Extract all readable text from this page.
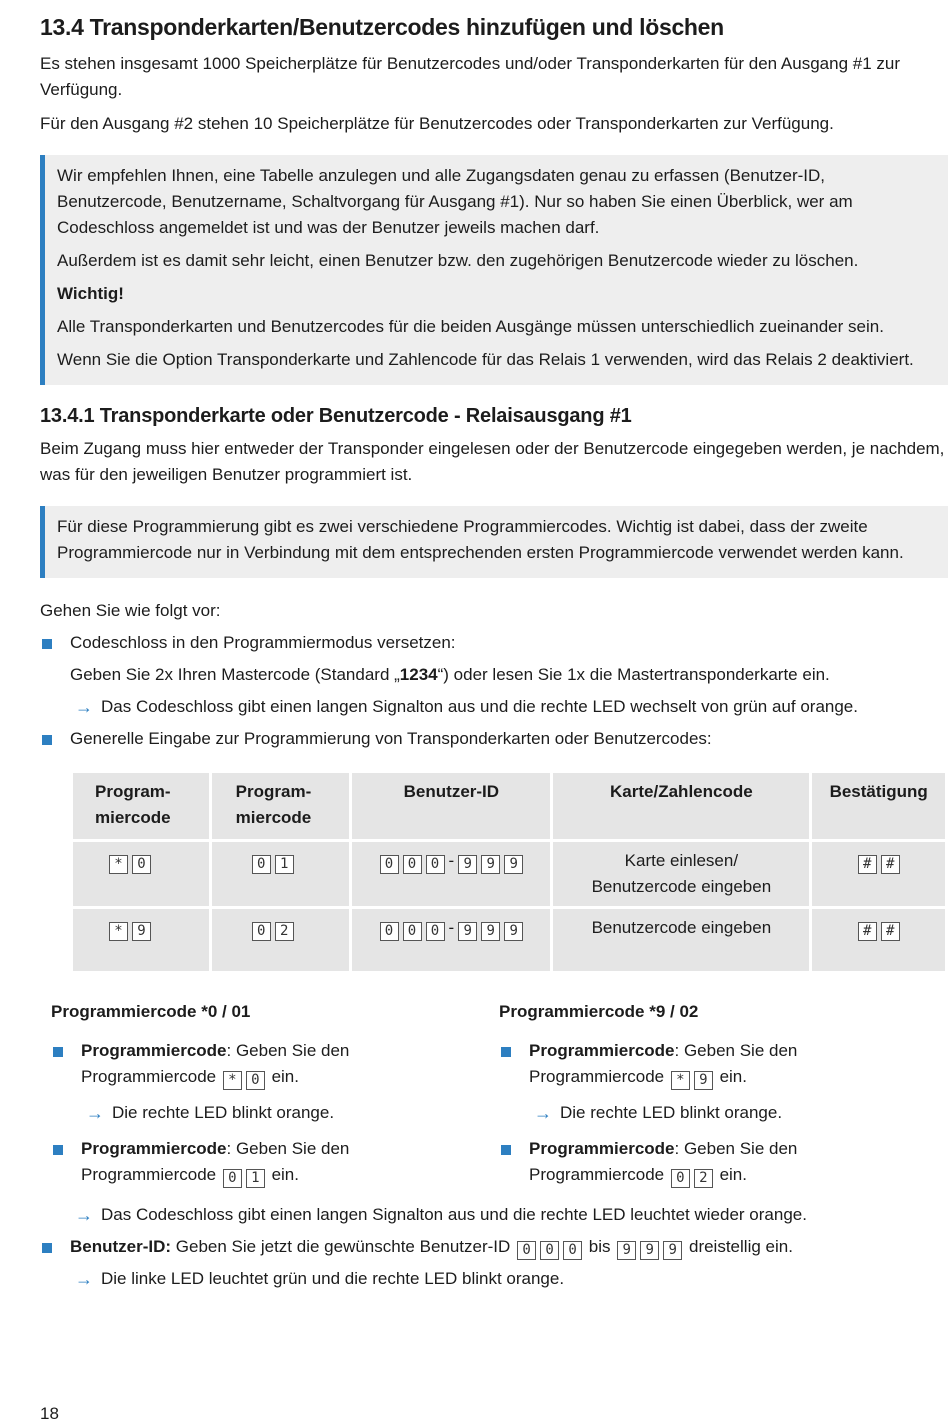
13.4 Transponderkarten/Benutzercodes hinzufügen und löschen

Es stehen insgesamt 1000 Speicherplätze für Benutzercodes und/oder Transponderkarten für den Ausgang #1 zur Verfügung.

Für den Ausgang #2 stehen 10 Speicherplätze für Benutzercodes oder Transponderkarten zur Verfügung.

Wir empfehlen Ihnen, eine Tabelle anzulegen und alle Zugangsdaten genau zu erfassen (Benutzer-ID, Benutzercode, Benutzername, Schaltvorgang für Ausgang #1). Nur so haben Sie einen Überblick, wer am Codeschloss angemeldet ist und was der Benutzer jeweils machen darf.

Außerdem ist es damit sehr leicht, einen Benutzer bzw. den zugehörigen Benutzercode wieder zu löschen.

Wichtig!

Alle Transponderkarten und Benutzercodes für die beiden Ausgänge müssen unterschiedlich zueinander sein.

Wenn Sie die Option Transponderkarte und Zahlencode für das Relais 1 verwenden, wird das Relais 2 deaktiviert.

13.4.1 Transponderkarte oder Benutzercode - Relaisausgang #1

Beim Zugang muss hier entweder der Transponder eingelesen oder der Benutzercode eingegeben werden, je nachdem, was für den jeweiligen Benutzer programmiert ist.

Für diese Programmierung gibt es zwei verschiedene Programmiercodes. Wichtig ist dabei, dass der zweite Programmiercode nur in Verbindung mit dem entsprechenden ersten Programmiercode verwendet werden kann.

Gehen Sie wie folgt vor:

Codeschloss in den Programmiermodus versetzen:
Geben Sie 2x Ihren Mastercode (Standard „1234“) oder lesen Sie 1x die Mastertransponderkarte ein.
→ Das Codeschloss gibt einen langen Signalton aus und die rechte LED wechselt von grün auf orange.
Generelle Eingabe zur Programmierung von Transponderkarten oder Benutzercodes:
Program-miercode	Program-miercode	Benutzer-ID	Karte/Zahlencode	Bestätigung
* 0	0 1	0 0 0 - 9 9 9	Karte einlesen/ Benutzercode eingeben	# #
* 9	0 2	0 0 0 - 9 9 9	Benutzercode eingeben	# #
Programmiercode *0 / 01
Programmiercode: Geben Sie den Programmiercode * 0 ein.
→ Die rechte LED blinkt orange.
Programmiercode: Geben Sie den Programmiercode 0 1 ein.
Programmiercode *9 / 02
Programmiercode: Geben Sie den Programmiercode * 9 ein.
→ Die rechte LED blinkt orange.
Programmiercode: Geben Sie den Programmiercode 0 2 ein.
→ Das Codeschloss gibt einen langen Signalton aus und die rechte LED leuchtet wieder orange.
Benutzer-ID: Geben Sie jetzt die gewünschte Benutzer-ID 0 0 0 bis 9 9 9 dreistellig ein.
→ Die linke LED leuchtet grün und die rechte LED blinkt orange.
18
